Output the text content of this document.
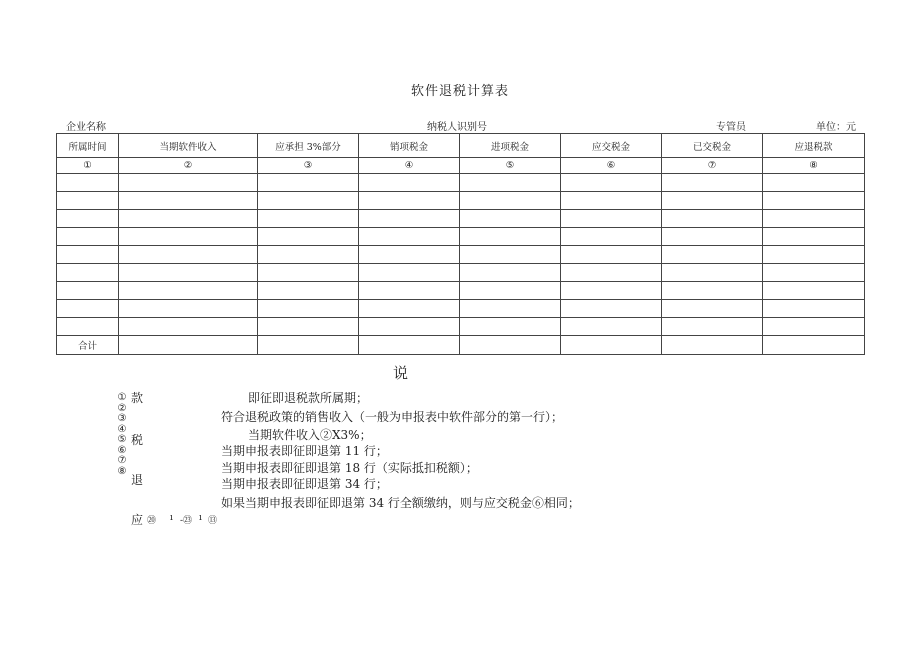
软件退税计算表
企业名称	纳税人识别号	专管员	单位：元
所属时间	当期软件收入	应承担 3%部分	销项税金	进项税金	应交税金	已交税金	应退税款
①	②	③	④	⑤	⑥	⑦	⑧

合计							
说
①
②
③
④
⑤
⑥
⑦
⑧
款
税
退
即征即退税款所属期；
符合退税政策的销售收入（一般为申报表中软件部分的第一行）；
当期软件收入②X3%；
当期申报表即征即退第 11 行；
当期申报表即征即退第 18 行（实际抵扣税额）；
当期申报表即征即退第 34 行；
如果当期申报表即征即退第 34 行全额缴纳，则与应交税金⑥相同；
应 ⑳ ı -㉓ ı ⑬
